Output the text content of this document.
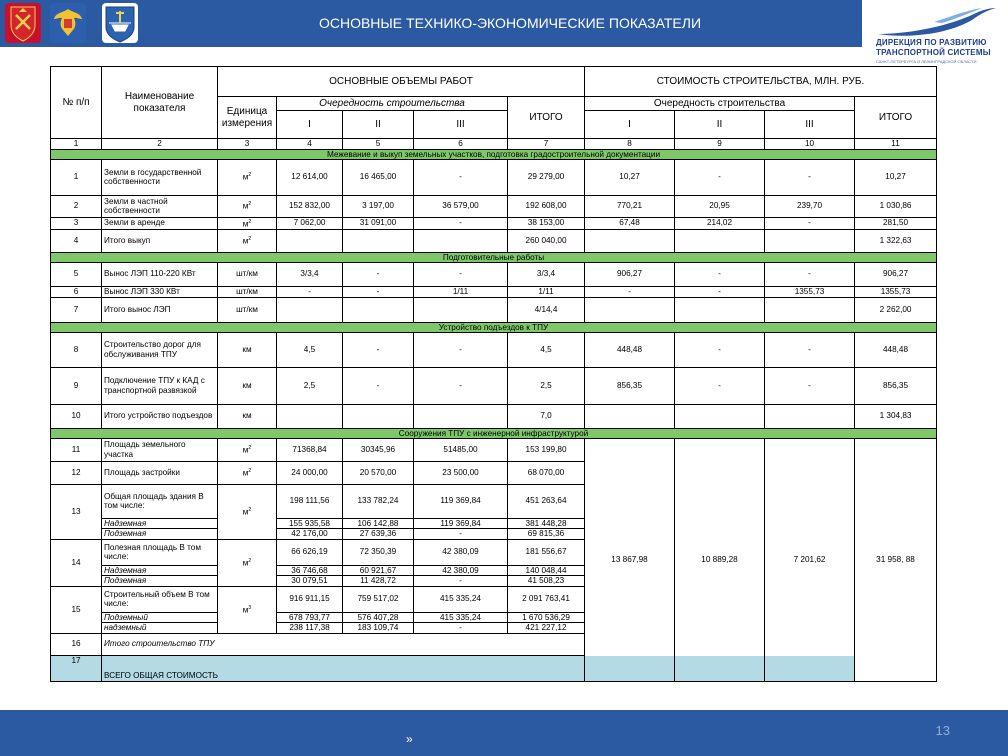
ОСНОВНЫЕ ТЕХНИКО-ЭКОНОМИЧЕСКИЕ ПОКАЗАТЕЛИ
ДИРЕКЦИЯ ПО РАЗВИТИЮ
ТРАНСПОРТНОЙ СИСТЕМЫ
САНКТ-ПЕТЕРБУРГА И ЛЕНИНГРАДСКОЙ ОБЛАСТИ
№ п/п	Наименование показателя	ОСНОВНЫЕ ОБЪЕМЫ РАБОТ					СТОИМОСТЬ СТРОИТЕЛЬСТВА, МЛН. РУБ.				
		Единица измерения	Очередность строительства			ИТОГО	Очередность строительства			ИТОГО	
			I	II	III		I	II	III		
1	2	3	4	5	6	7	8	9	10	11	
Межевание и выкуп земельных участков, подготовка градостроительной документации											
1	Земли в государственной собственности	$м^2$	12 614,00	16 465,00	-	29 279,00	10,27	-	-	10,27	
2	Земли в частной собственности	$м^2$	152 832,00	3 197,00	36 579,00	192 608,00	770,21	20,95	239,70	1 030,86	
3	Земли в аренде	$м^2$	7 062,00	31 091,00	-	38 153,00	67,48	214,02	-	281,50	
4	Итого выкуп	$м^2$				260 040,00				1 322,63	
Подготовительные работы											
5	Вынос ЛЭП 110-220 КВт	шт/км	3/3,4	-	-	3/3,4	906,27	-	-	906,27	
6	Вынос ЛЭП 330 КВт	шт/км	-	-	1/11	1/11	-	-	1355,73	1355,73	
7	Итого вынос ЛЭП	шт/км				4/14,4				2 262,00	
Устройство подъездов к ТПУ											
8	Строительство дорог для обслуживания ТПУ	км	4,5	-	-	4,5	448,48	-	-	448,48	
9	Подключение ТПУ к КАД с транспортной развязкой	км	2,5	-	-	2,5	856,35	-	-	856,35	
10	Итого устройство подъездов	км				7,0				1 304,83	
Сооружения ТПУ с инженерной инфраструктурой											
11	Площадь земельного участка	$м^2$	71368,84	30345,96	51485,00	153 199,80	13 867,98	10 889,28	7 201,62	31 958, 88	
12	Площадь застройки	$м^2$	24 000,00	20 570,00	23 500,00	68 070,00					
13	Общая площадь здания В том числе:	$м^2$	198 111,56	133 782,24	119 369,84	451 263,64					
	Надземная		155 935,58	106 142,88	119 369,84	381 448,28					
	Подземная		42 176,00	27 639,36	-	69 815,36					
14	Полезная площадь В том числе:	$м^2$	66 626,19	72 350,39	42 380,09	181 556,67					
	Надземная		36 746,68	60 921,67	42 380,09	140 048,44					
	Подземная		30 079,51	11 428,72	-	41 508,23					
15	Строительный объем В том числе:	$м^3$	916 911,15	759 517,02	415 335,24	2 091 763,41					
	Подземный		678 793,77	576 407,28	415 335,24	1 670 536,29					
	надземный		238 117,38	183 109,74	-	421 227,12					
16	Итого строительство ТПУ	
17	ВСЕГО ОБЩАЯ СТОИМОСТЬ	
13
»
